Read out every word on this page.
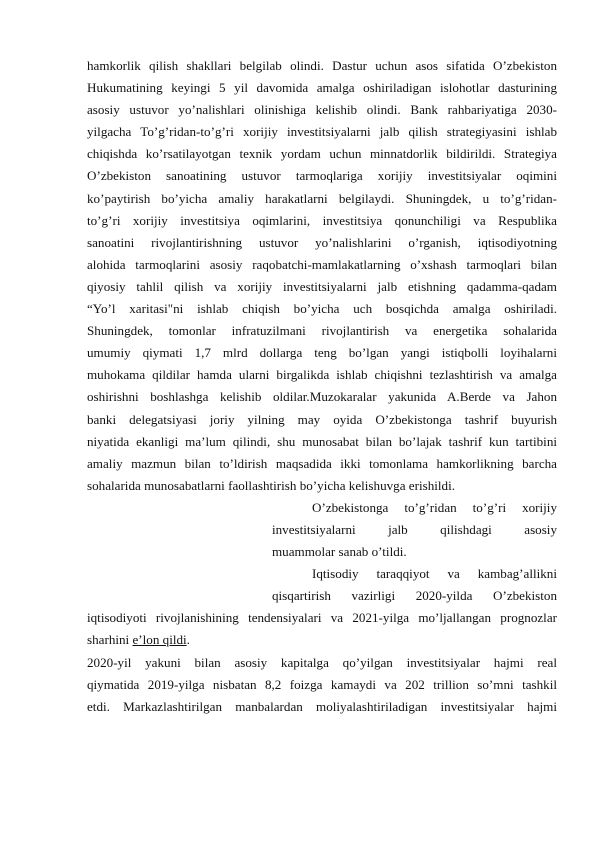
hamkorlik qilish shakllari belgilab olindi. Dastur uchun asos sifatida O’zbekiston
Hukumatining keyingi 5 yil davomida amalga oshiriladigan islohotlar dasturining
asosiy ustuvor yo’nalishlari olinishiga kelishib olindi. Bank rahbariyatiga 2030-
yilgacha To’g’ridan-to’g’ri xorijiy investitsiyalarni jalb qilish strategiyasini ishlab
chiqishda ko’rsatilayotgan texnik yordam uchun minnatdorlik bildirildi. Strategiya
O’zbekiston sanoatining ustuvor tarmoqlariga xorijiy investitsiyalar oqimini
ko’paytirish bo’yicha amaliy harakatlarni belgilaydi. Shuningdek, u to’g’ridan-
to’g’ri xorijiy investitsiya oqimlarini, investitsiya qonunchiligi va Respublika
sanoatini rivojlantirishning ustuvor yo’nalishlarini o’rganish, iqtisodiyotning
alohida tarmoqlarini asosiy raqobatchi-mamlakatlarning o’xshash tarmoqlari bilan
qiyosiy tahlil qilish va xorijiy investitsiyalarni jalb etishning qadamma-qadam
“Yo’l xaritasi"ni ishlab chiqish bo’yicha uch bosqichda amalga oshiriladi.
Shuningdek, tomonlar infratuzilmani rivojlantirish va energetika sohalarida
umumiy qiymati 1,7 mlrd dollarga teng bo’lgan yangi istiqbolli loyihalarni
muhokama qildilar hamda ularni birgalikda ishlab chiqishni tezlashtirish va amalga
oshirishni boshlashga kelishib oldilar.Muzokaralar yakunida A.Berde va Jahon
banki delegatsiyasi joriy yilning may oyida O’zbekistonga tashrif buyurish
niyatida ekanligi ma’lum qilindi, shu munosabat bilan bo’lajak tashrif kun tartibini
amaliy mazmun bilan to’ldirish maqsadida ikki tomonlama hamkorlikning barcha
sohalarida munosabatlarni faollashtirish bo’yicha kelishuvga erishildi.
O’zbekistonga to’g’ridan to’g’ri xorijiy
investitsiyalarni jalb qilishdagi asosiy
muammolar sanab o’tildi.
Iqtisodiy taraqqiyot va kambag’allikni
qisqartirish vazirligi 2020-yilda O’zbekiston
iqtisodiyoti rivojlanishining tendensiyalari va 2021-yilga mo’ljallangan prognozlar
sharhini e’lon qildi.
2020-yil yakuni bilan asosiy kapitalga qo’yilgan investitsiyalar hajmi real
qiymatida 2019-yilga nisbatan 8,2 foizga kamaydi va 202 trillion so’mni tashkil
etdi. Markazlashtirilgan manbalardan moliyalashtiriladigan investitsiyalar hajmi
